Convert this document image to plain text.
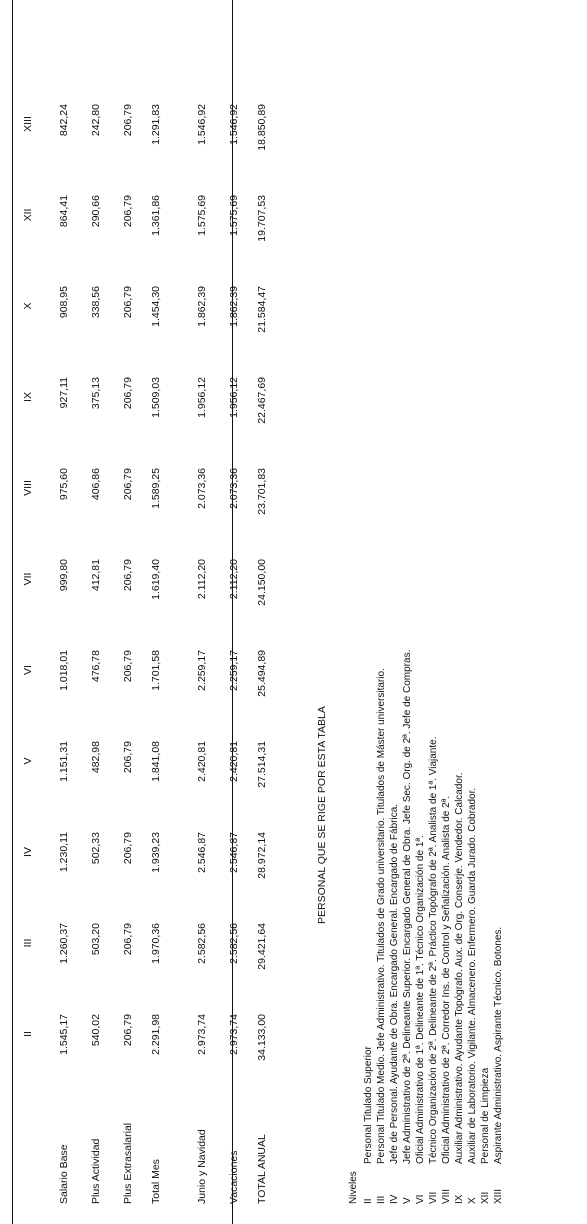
II
III
IV
V
VI
VII
VIII
IX
X
XII
XIII
Salario Base
1.545,17
1.260,37
1.230,11
1.151,31
1.018,01
999,80
975,60
927,11
908,95
864,41
842,24
Plus Actividad
540,02
503,20
502,33
482,98
476,78
412,81
406,86
375,13
338,56
290,66
242,80
Plus Extrasalarial
206,79
206,79
206,79
206,79
206,79
206,79
206,79
206,79
206,79
206,79
206,79
Total Mes
2.291,98
1.970,36
1.939,23
1.841,08
1.701,58
1.619,40
1.589,25
1.509,03
1.454,30
1.361,86
1.291,83
Junio y Navidad
2.973,74
2.582,56
2.546,87
2.420,81
2.259,17
2.112,20
2.073,36
1.956,12
1.862,39
1.575,69
1.546,92
Vacaciones
2.973,74
2.582,56
2.546,87
2.420,81
2.259,17
2.112,20
2.073,36
1.956,12
1.862,39
1.575,69
1.546,92
TOTAL ANUAL
34.133,00
29.421,64
28.972,14
27.514,31
25.494,89
24.150,00
23.701,83
22.467,69
21.584,47
19.707,53
18.850,89
PERSONAL QUE SE RIGE POR ESTA TABLA
Niveles II
Personal Titulado Superior
III
Personal Titulado Medio. Jefe Administrativo. Titulados de Grado universitario. Titulados de Máster universitario.
IV
Jefe de Personal. Ayudante de Obra. Encargado General. Encargado de Fábrica.
V
Jefe Administrativo de 2ª. Delineante Superior. Encargado General de Obra. Jefe Sec. Org. de 2ª. Jefe de Compras.
VI
Oficial Administrativo de 1ª. Delineante de 1ª. Técnico Organización de 1ª.
VII
Técnico Organización de 2ª. Delineante de 2ª. Práctico Topógrafo de 2ª. Analista de 1ª. Viajante.
VIII
Oficial Administrativo de 2ª. Corredor Ins. de Control y Señalización. Analista de 2ª.
IX
Auxiliar Administrativo. Ayudante Topógrafo. Aux. de Org. Conserje. Vendedor. Calcador.
X
Auxiliar de Laboratorio. Vigilante. Almacenero. Enfermero. Guarda Jurado. Cobrador.
XII
Personal de Limpieza
XIII
Aspirante Administrativo. Aspirante Técnico. Botones.
